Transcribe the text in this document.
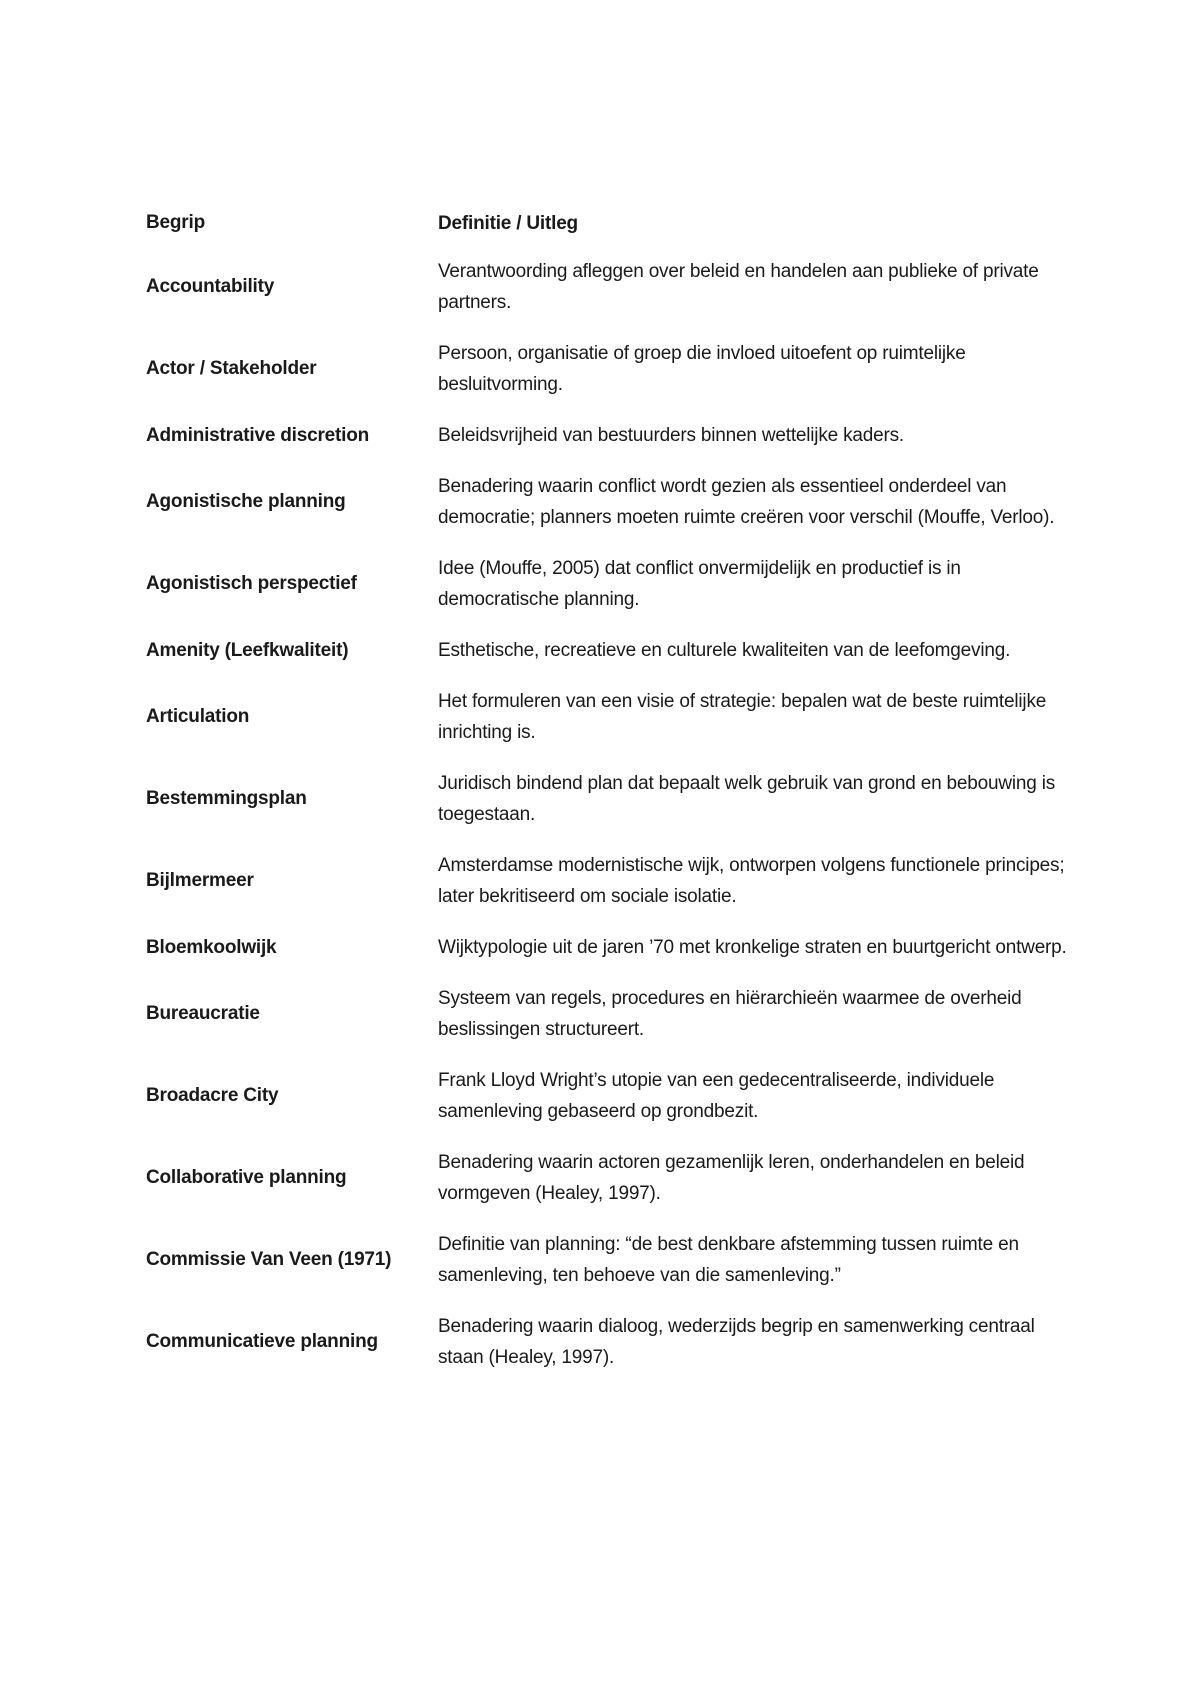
Begrip	Definitie / Uitleg
Accountability	Verantwoording afleggen over beleid en handelen aan publieke of private partners.
Actor / Stakeholder	Persoon, organisatie of groep die invloed uitoefent op ruimtelijke besluitvorming.
Administrative discretion	Beleidsvrijheid van bestuurders binnen wettelijke kaders.
Agonistische planning	Benadering waarin conflict wordt gezien als essentieel onderdeel van democratie; planners moeten ruimte creëren voor verschil (Mouffe, Verloo).
Agonistisch perspectief	Idee (Mouffe, 2005) dat conflict onvermijdelijk en productief is in democratische planning.
Amenity (Leefkwaliteit)	Esthetische, recreatieve en culturele kwaliteiten van de leefomgeving.
Articulation	Het formuleren van een visie of strategie: bepalen wat de beste ruimtelijke inrichting is.
Bestemmingsplan	Juridisch bindend plan dat bepaalt welk gebruik van grond en bebouwing is toegestaan.
Bijlmermeer	Amsterdamse modernistische wijk, ontworpen volgens functionele principes; later bekritiseerd om sociale isolatie.
Bloemkoolwijk	Wijktypologie uit de jaren ’70 met kronkelige straten en buurtgericht ontwerp.
Bureaucratie	Systeem van regels, procedures en hiërarchieën waarmee de overheid beslissingen structureert.
Broadacre City	Frank Lloyd Wright’s utopie van een gedecentraliseerde, individuele samenleving gebaseerd op grondbezit.
Collaborative planning	Benadering waarin actoren gezamenlijk leren, onderhandelen en beleid vormgeven (Healey, 1997).
Commissie Van Veen (1971)	Definitie van planning: “de best denkbare afstemming tussen ruimte en samenleving, ten behoeve van die samenleving.”
Communicatieve planning	Benadering waarin dialoog, wederzijds begrip en samenwerking centraal staan (Healey, 1997).
